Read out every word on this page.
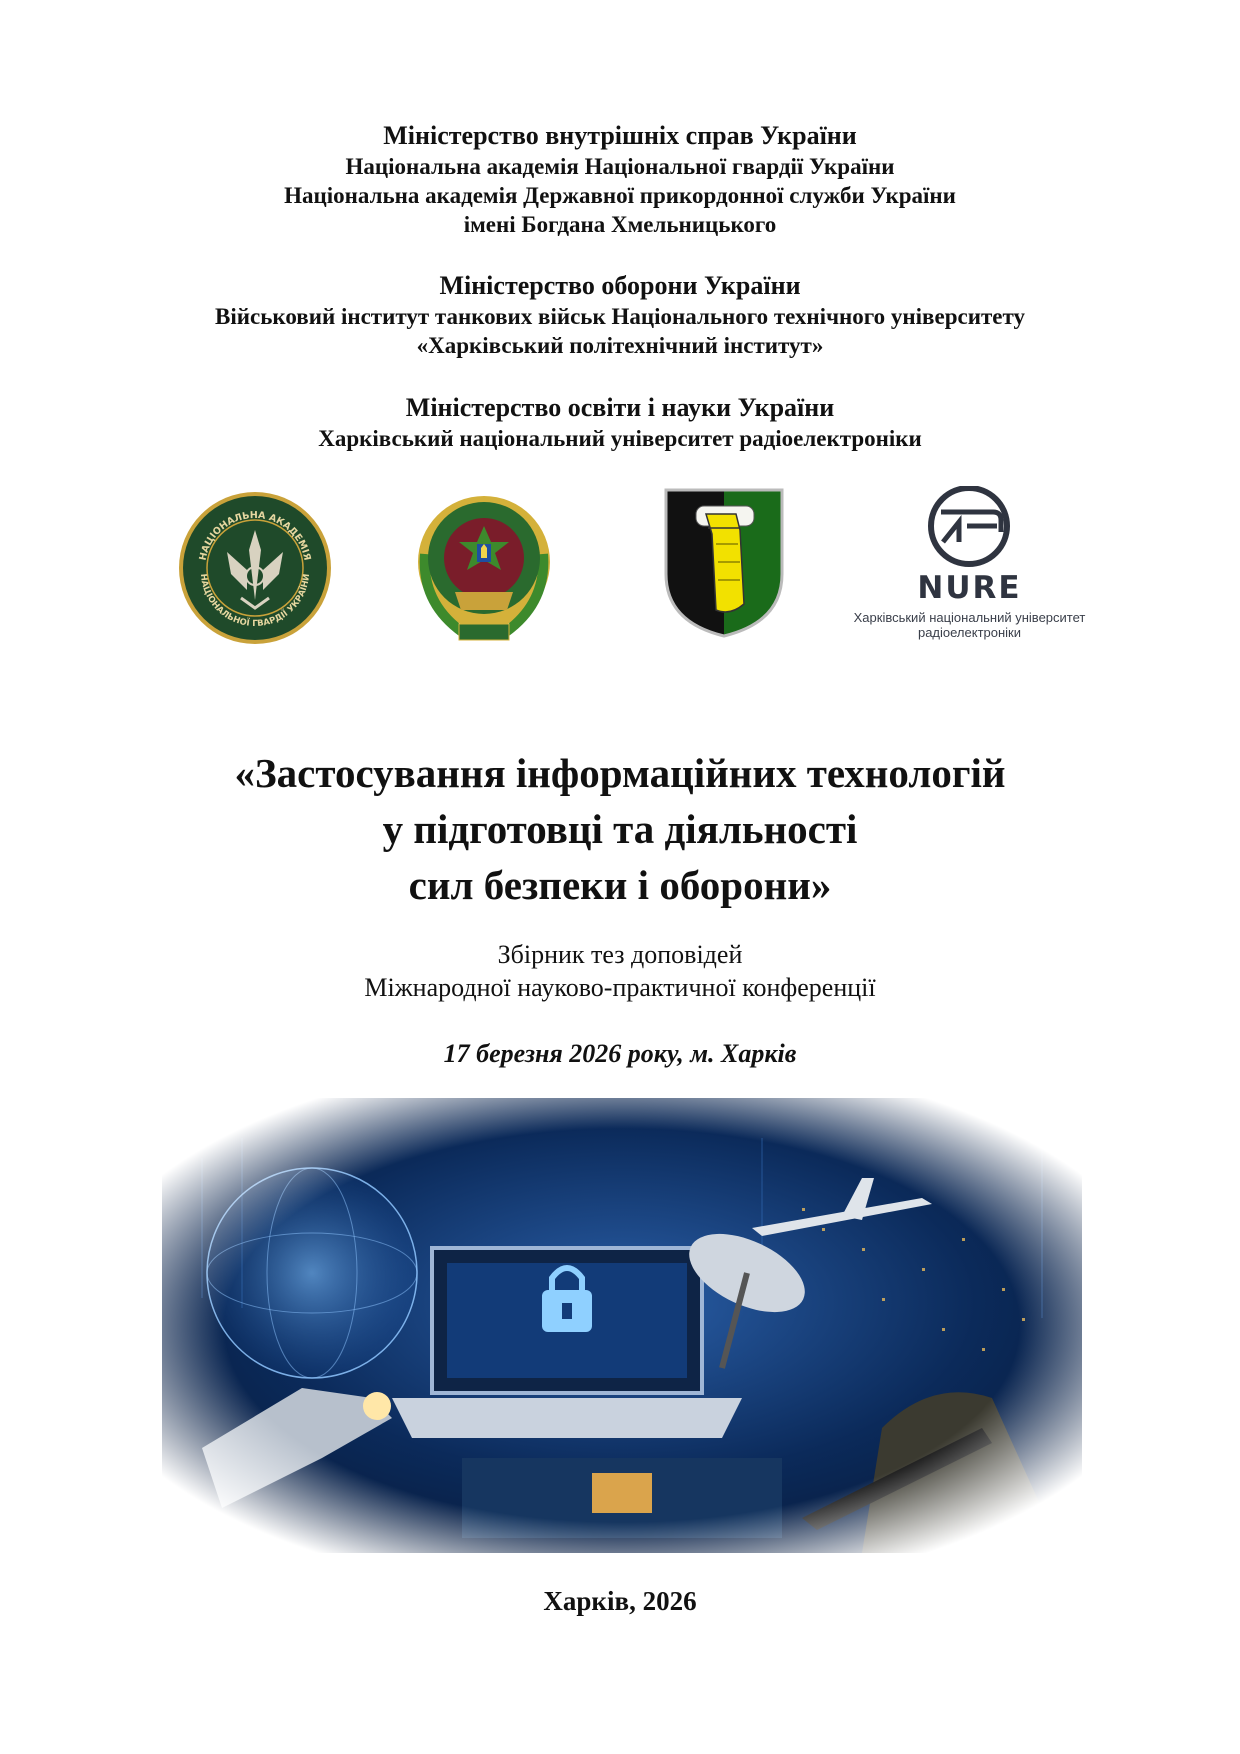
Міністерство внутрішніх справ України
Національна академія Національної гвардії України
Національна академія Державної прикордонної служби України
імені Богдана Хмельницького
Міністерство оборони України
Військовий інститут танкових військ Національного технічного університету
«Харківський політехнічний інститут»
Міністерство освіти і науки України
Харківський національний університет радіоелектроніки
НАЦІОНАЛЬНА АКАДЕМІЯ
НАЦІОНАЛЬНОЇ ГВАРДІЇ УКРАЇНИ	NURE
Харківський національний університет
радіоелектроніки
«Застосування інформаційних технологій
у підготовці та діяльності
сил безпеки і оборони»
Збірник тез доповідей
Міжнародної науково-практичної конференції
17 березня 2026 року, м. Харків
Харків, 2026
